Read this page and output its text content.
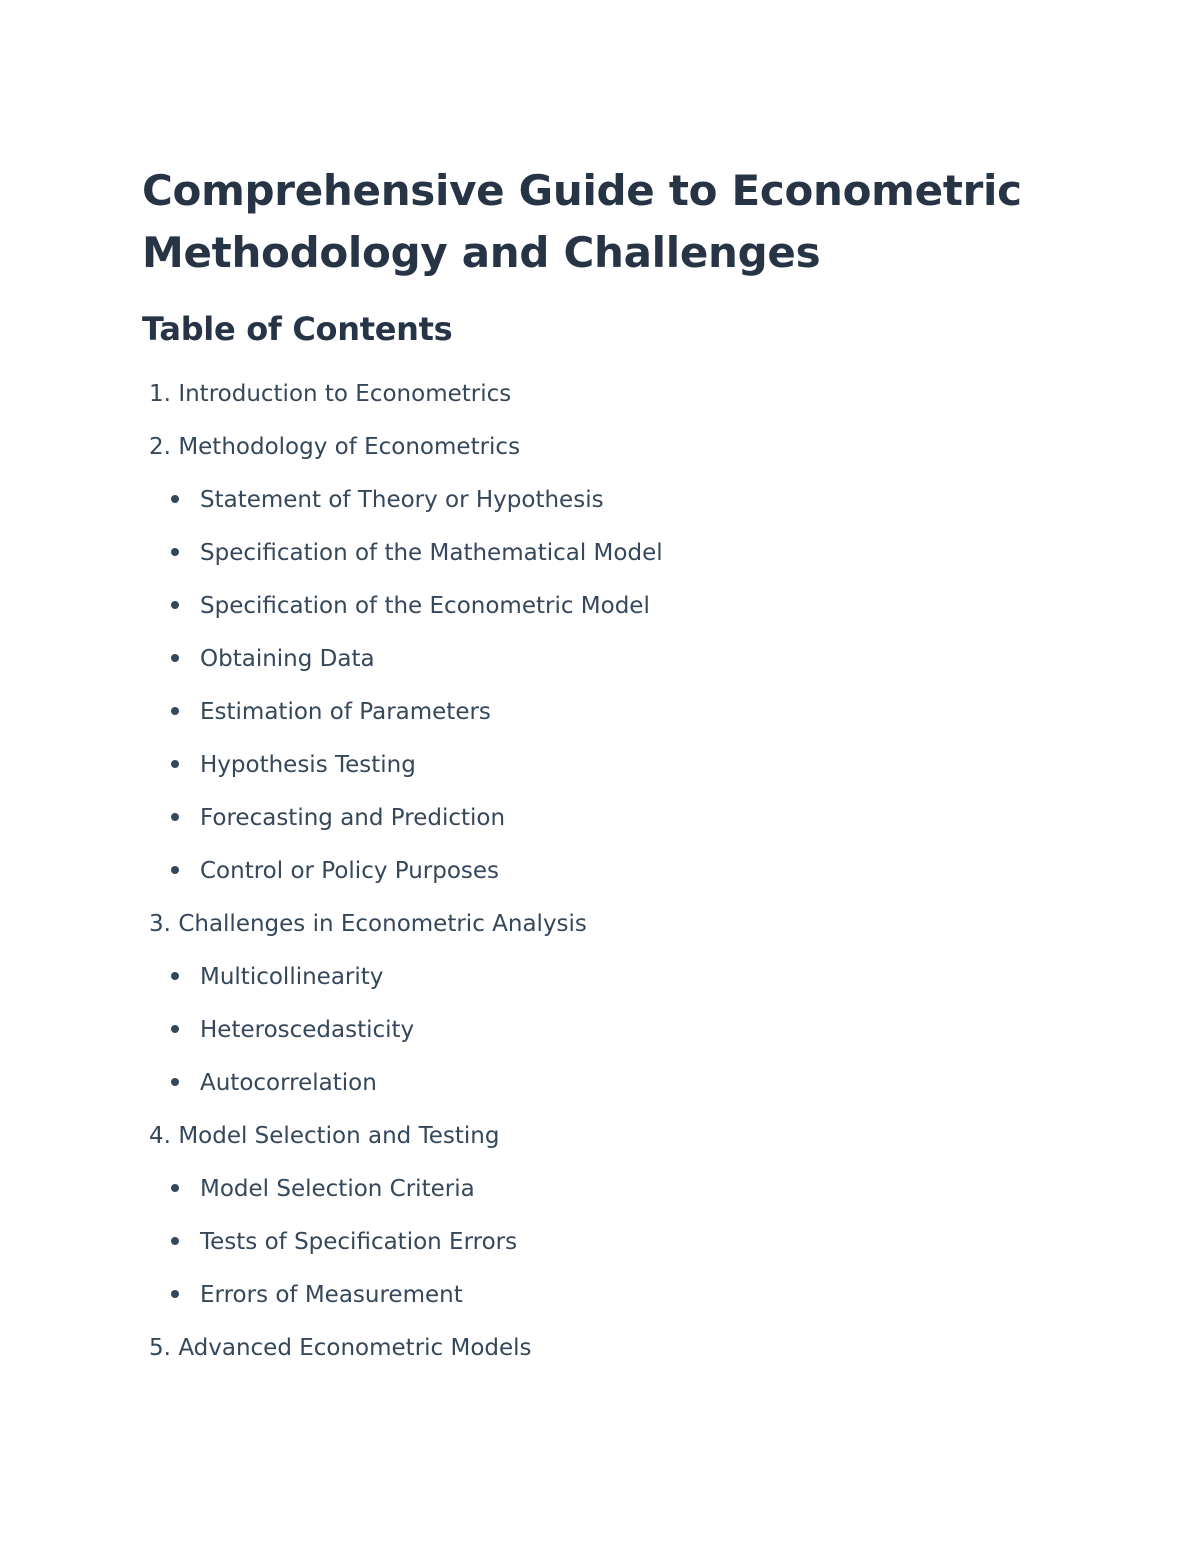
Comprehensive Guide to Econometric Methodology and Challenges
Table of Contents
1. Introduction to Econometrics
2. Methodology of Econometrics
Statement of Theory or Hypothesis
Specification of the Mathematical Model
Specification of the Econometric Model
Obtaining Data
Estimation of Parameters
Hypothesis Testing
Forecasting and Prediction
Control or Policy Purposes
3. Challenges in Econometric Analysis
Multicollinearity
Heteroscedasticity
Autocorrelation
4. Model Selection and Testing
Model Selection Criteria
Tests of Specification Errors
Errors of Measurement
5. Advanced Econometric Models
